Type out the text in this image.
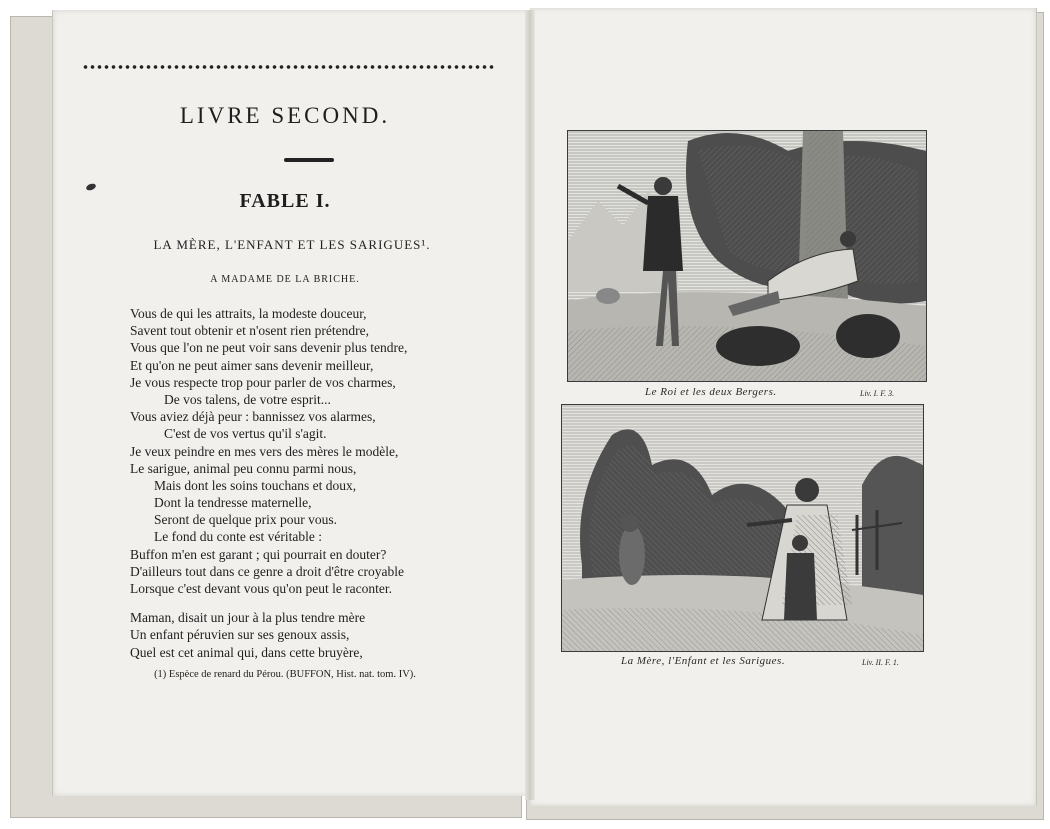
LIVRE SECOND.
FABLE I.
LA MÈRE, L'ENFANT ET LES SARIGUES¹.
A MADAME DE LA BRICHE.
Vous de qui les attraits, la modeste douceur,
Savent tout obtenir et n'osent rien prétendre,
Vous que l'on ne peut voir sans devenir plus tendre,
Et qu'on ne peut aimer sans devenir meilleur,
Je vous respecte trop pour parler de vos charmes,
De vos talens, de votre esprit...
Vous aviez déjà peur : bannissez vos alarmes,
C'est de vos vertus qu'il s'agit.
Je veux peindre en mes vers des mères le modèle,
Le sarigue, animal peu connu parmi nous,
Mais dont les soins touchans et doux,
Dont la tendresse maternelle,
Seront de quelque prix pour vous.
Le fond du conte est véritable :
Buffon m'en est garant ; qui pourrait en douter?
D'ailleurs tout dans ce genre a droit d'être croyable
Lorsque c'est devant vous qu'on peut le raconter.
Maman, disait un jour à la plus tendre mère
Un enfant péruvien sur ses genoux assis,
Quel est cet animal qui, dans cette bruyère,
(1) Espèce de renard du Pérou. (BUFFON, Hist. nat. tom. IV).
Le Roi et les deux Bergers.	Liv. I. F. 3.
La Mère, l'Enfant et les Sarigues.	Liv. II. F. 1.
